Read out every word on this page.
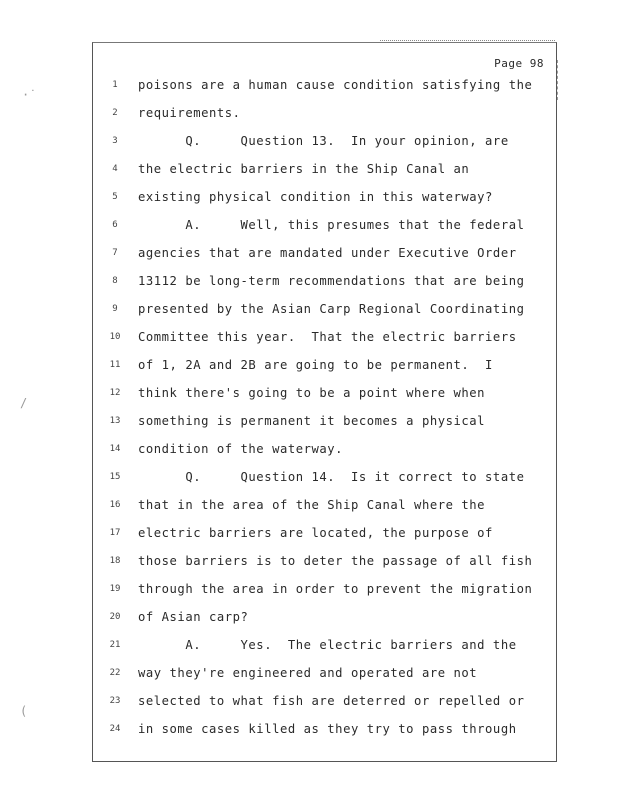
Page 98
·˙
/
(
1	poisons are a human cause condition satisfying the
2	requirements.
3	Q.     Question 13.  In your opinion, are
4	the electric barriers in the Ship Canal an
5	existing physical condition in this waterway?
6	A.     Well, this presumes that the federal
7	agencies that are mandated under Executive Order
8	13112 be long-term recommendations that are being
9	presented by the Asian Carp Regional Coordinating
10 Committee this year.  That the electric barriers
11 of 1, 2A and 2B are going to be permanent.  I
12 think there's going to be a point where when
13 something is permanent it becomes a physical
14 condition of the waterway.
15 Q.     Question 14.  Is it correct to state
16 that in the area of the Ship Canal where the
17 electric barriers are located, the purpose of
18 those barriers is to deter the passage of all fish
19 through the area in order to prevent the migration
20 of Asian carp?
21 A.     Yes.  The electric barriers and the
22 way they're engineered and operated are not
23 selected to what fish are deterred or repelled or
24 in some cases killed as they try to pass through
